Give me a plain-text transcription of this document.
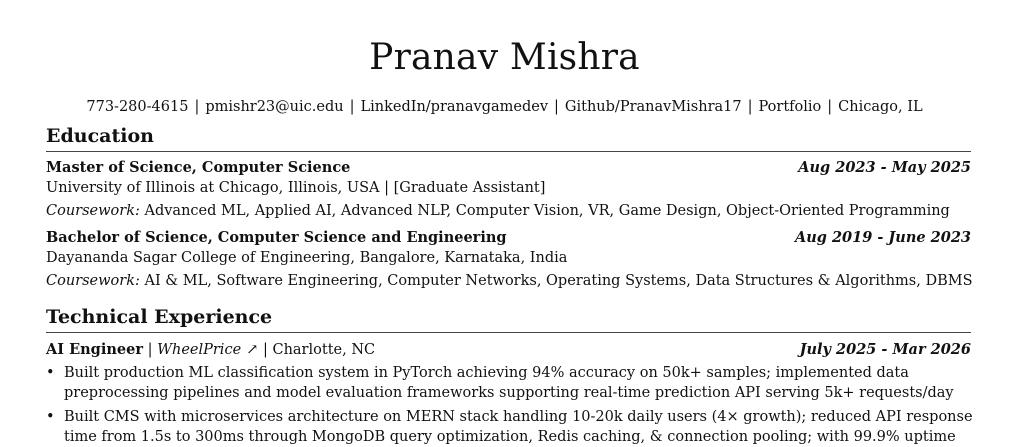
Pranav Mishra
773-280-4615 | pmishr23@uic.edu | LinkedIn/pranavgamedev | Github/PranavMishra17 | Portfolio | Chicago, IL
Education
Master of Science, Computer Science	Aug 2023 - May 2025
University of Illinois at Chicago, Illinois, USA | [Graduate Assistant]
Coursework: Advanced ML, Applied AI, Advanced NLP, Computer Vision, VR, Game Design, Object-Oriented Programming
Bachelor of Science, Computer Science and Engineering	Aug 2019 - June 2023
Dayananda Sagar College of Engineering, Bangalore, Karnataka, India
Coursework: AI & ML, Software Engineering, Computer Networks, Operating Systems, Data Structures & Algorithms, DBMS
Technical Experience
AI Engineer | WheelPrice ↗ | Charlotte, NC	July 2025 - Mar 2026
• Built production ML classification system in PyTorch achieving 94% accuracy on 50k+ samples; implemented data
preprocessing pipelines and model evaluation frameworks supporting real-time prediction API serving 5k+ requests/day
• Built CMS with microservices architecture on MERN stack handling 10-20k daily users (4× growth); reduced API response
time from 1.5s to 300ms through MongoDB query optimization, Redis caching, & connection pooling; with 99.9% uptime
